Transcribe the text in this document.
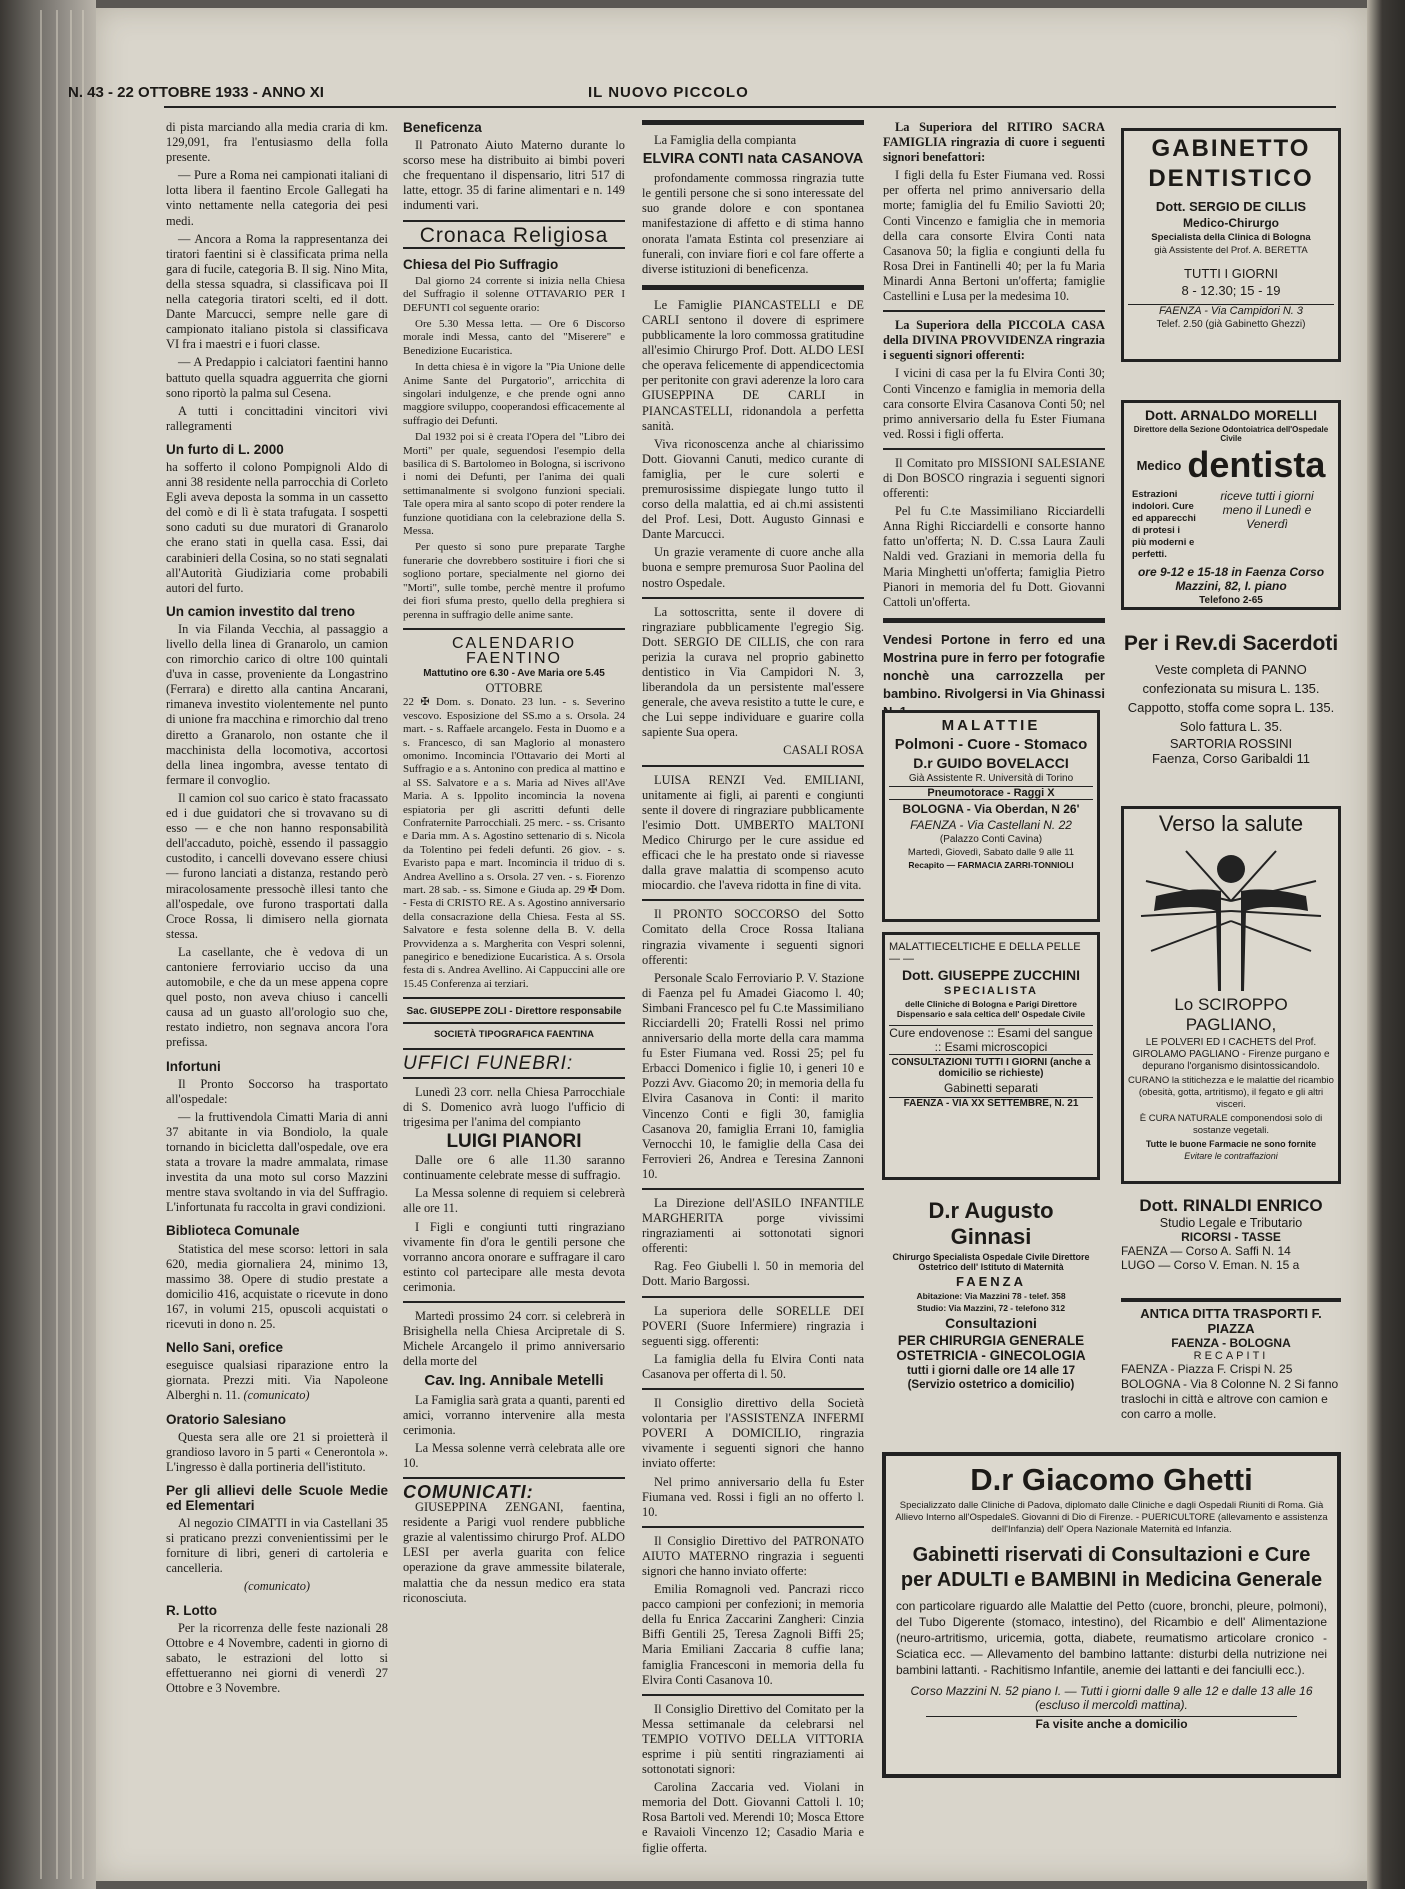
N. 43 - 22 OTTOBRE 1933 - ANNO XI	IL NUOVO PICCOLO

di pista marciando alla media craria di km. 129,091, fra l'entusiasmo della folla presente.

— Pure a Roma nei campionati italiani di lotta libera il faentino Ercole Gallegati ha vinto nettamente nella categoria dei pesi medi.

— Ancora a Roma la rappresentanza dei tiratori faentini si è classificata prima nella gara di fucile, categoria B. Il sig. Nino Mita, della stessa squadra, si classificava poi II nella categoria tiratori scelti, ed il dott. Dante Marcucci, sempre nelle gare di campionato italiano pistola si classificava VI fra i maestri e i fuori classe.

— A Predappio i calciatori faentini hanno battuto quella squadra agguerrita che giorni sono riportò la palma sul Cesena.

A tutti i concittadini vincitori vivi rallegramenti

Un furto di L. 2000

ha sofferto il colono Pompignoli Aldo di anni 38 residente nella parrocchia di Corleto Egli aveva deposta la somma in un cassetto del comò e di lì è stata trafugata. I sospetti sono caduti su due muratori di Granarolo che erano stati in quella casa. Essi, dai carabinieri della Cosina, so no stati segnalati all'Autorità Giudiziaria come probabili autori del furto.

Un camion investito dal treno

In via Filanda Vecchia, al passaggio a livello della linea di Granarolo, un camion con rimorchio carico di oltre 100 quintali d'uva in casse, proveniente da Longastrino (Ferrara) e diretto alla cantina Ancarani, rimaneva investito violentemente nel punto di unione fra macchina e rimorchio dal treno diretto a Granarolo, non ostante che il macchinista della locomotiva, accortosi della linea ingombra, avesse tentato di fermare il convoglio.

Il camion col suo carico è stato fracassato ed i due guidatori che si trovavano su di esso — e che non hanno responsabilità dell'accaduto, poichè, essendo il passaggio custodito, i cancelli dovevano essere chiusi — furono lanciati a distanza, restando però miracolosamente pressochè illesi tanto che all'ospedale, ove furono trasportati dalla Croce Rossa, li dimisero nella giornata stessa.

La casellante, che è vedova di un cantoniere ferroviario ucciso da una automobile, e che da un mese appena copre quel posto, non aveva chiuso i cancelli causa ad un guasto all'orologio suo che, restato indietro, non segnava ancora l'ora prefissa.

Infortuni

Il Pronto Soccorso ha trasportato all'ospedale:

— la fruttivendola Cimatti Maria di anni 37 abitante in via Bondiolo, la quale tornando in bicicletta dall'ospedale, ove era stata a trovare la madre ammalata, rimase investita da una moto sul corso Mazzini mentre stava svoltando in via del Suffragio. L'infortunata fu raccolta in gravi condizioni.

Biblioteca Comunale

Statistica del mese scorso: lettori in sala 620, media giornaliera 24, minimo 13, massimo 38. Opere di studio prestate a domicilio 416, acquistate o ricevute in dono 167, in volumi 215, opuscoli acquistati o ricevuti in dono n. 25.

Nello Sani, orefice

eseguisce qualsiasi riparazione entro la giornata. Prezzi miti. Via Napoleone Alberghi n. 11. (comunicato)

Oratorio Salesiano

Questa sera alle ore 21 si proietterà il grandioso lavoro in 5 parti « Cenerontola ». L'ingresso è dalla portineria dell'istituto.

Per gli allievi delle Scuole Medie ed Elementari

Al negozio CIMATTI in via Castellani 35 si praticano prezzi convenientissimi per le forniture di libri, generi di cartoleria e cancelleria.

(comunicato)

R. Lotto

Per la ricorrenza delle feste nazionali 28 Ottobre e 4 Novembre, cadenti in giorno di sabato, le estrazioni del lotto si effettueranno nei giorni di venerdì 27 Ottobre e 3 Novembre.

Beneficenza

Il Patronato Aiuto Materno durante lo scorso mese ha distribuito ai bimbi poveri che frequentano il dispensario, litri 517 di latte, ettogr. 35 di farine alimentari e n. 149 indumenti vari.

Cronaca Religiosa
Chiesa del Pio Suffragio

Dal giorno 24 corrente si inizia nella Chiesa del Suffragio il solenne OTTAVARIO PER I DEFUNTI col seguente orario:

Ore 5.30 Messa letta. — Ore 6 Discorso morale indi Messa, canto del "Miserere" e Benedizione Eucaristica.

In detta chiesa è in vigore la "Pia Unione delle Anime Sante del Purgatorio", arricchita di singolari indulgenze, e che prende ogni anno maggiore sviluppo, cooperandosi efficacemente al suffragio dei Defunti.

Dal 1932 poi si è creata l'Opera del "Libro dei Morti" per quale, seguendosi l'esempio della basilica di S. Bartolomeo in Bologna, si iscrivono i nomi dei Defunti, per l'anima dei quali settimanalmente si svolgono funzioni speciali. Tale opera mira al santo scopo di poter rendere la funzione quotidiana con la celebrazione della S. Messa.

Per questo si sono pure preparate Targhe funerarie che dovrebbero sostituire i fiori che si sogliono portare, specialmente nel giorno dei "Morti", sulle tombe, perchè mentre il profumo dei fiori sfuma presto, quello della preghiera si perenna in suffragio delle anime sante.

CALENDARIO FAENTINO
Mattutino ore 6.30 - Ave Maria ore 5.45
OTTOBRE

22 ✠ Dom. s. Donato. 23 lun. - s. Severino vescovo. Esposizione del SS.mo a s. Orsola. 24 mart. - s. Raffaele arcangelo. Festa in Duomo e a s. Francesco, di san Magloriо al monastero omonimo. Incomincia l'Ottavario dei Morti al Suffragio e a s. Antonino con predica al mattino e al SS. Salvatore e a s. Maria ad Nives all'Ave Maria. A s. Ippolito incomincia la novena espiatoria per gli ascritti defunti delle Confraternite Parrocchiali. 25 merc. - ss. Crisanto e Daria mm. A s. Agostino settenario di s. Nicola da Tolentino pei fedeli defunti. 26 giov. - s. Evaristo papa e mart. Incomincia il triduo di s. Andrea Avellino a s. Orsola. 27 ven. - s. Fiorenzo mart. 28 sab. - ss. Simone e Giuda ap. 29 ✠ Dom. - Festa di CRISTO RE. A s. Agostino anniversario della consacrazione della Chiesa. Festa al SS. Salvatore e festa solenne della B. V. della Provvidenza a s. Margherita con Vespri solenni, panegirico e benedizione Eucaristica. A s. Orsola festa di s. Andrea Avellino. Ai Cappuccini alle ore 15.45 Conferenza ai terziari.

Sac. GIUSEPPE ZOLI - Direttore responsabile
SOCIETÀ TIPOGRAFICA FAENTINA
UFFICI FUNEBRI:

Lunedì 23 corr. nella Chiesa Parrocchiale di S. Domenico avrà luogo l'ufficio di trigesima per l'anima del compianto

LUIGI PIANORI

Dalle ore 6 alle 11.30 saranno continuamente celebrate messe di suffragio.

La Messa solenne di requiem si celebrerà alle ore 11.

I Figli e congiunti tutti ringraziano vivamente fin d'ora le gentili persone che vorranno ancora onorare e suffragare il caro estinto col partecipare alle mesta devota cerimonia.

Martedì prossimo 24 corr. si celebrerà in Brisighella nella Chiesa Arcipretale di S. Michele Arcangelo il primo anniversario della morte del

Cav. Ing. Annibale Metelli

La Famiglia sarà grata a quanti, parenti ed amici, vorranno intervenire alla mesta cerimonia.

La Messa solenne verrà celebrata alle ore 10.

COMUNICATI:

GIUSEPPINA ZENGANI, faentina, residente a Parigi vuol rendere pubbliche grazie al valentissimo chirurgo Prof. ALDO LESI per averla guarita con felice operazione da grave ammessite bilaterale, malattia che da nessun medico era stata riconosciuta.

La Famiglia della compianta

ELVIRA CONTI nata CASANOVA

profondamente commossa ringrazia tutte le gentili persone che si sono interessate del suo grande dolore e con spontanea manifestazione di affetto e di stima hanno onorata l'amata Estinta col presenziare ai funerali, con inviare fiori e col fare offerte a diverse istituzioni di beneficenza.

Le Famiglie PIANCASTELLI e DE CARLI sentono il dovere di esprimere pubblicamente la loro commossa gratitudine all'esimio Chirurgo Prof. Dott. ALDO LESI che operava felicemente di appendicectomia per peritonite con gravi aderenze la loro cara GIUSEPPINA DE CARLI in PIANCASTELLI, ridonandola a perfetta sanità.

Viva riconoscenza anche al chiarissimo Dott. Giovanni Canuti, medico curante di famiglia, per le cure solerti e premurosissime dispiegate lungo tutto il corso della malattia, ed ai ch.mi assistenti del Prof. Lesi, Dott. Augusto Ginnasi e Dante Marcucci.

Un grazie veramente di cuore anche alla buona e sempre premurosa Suor Paolina del nostro Ospedale.

La sottoscritta, sente il dovere di ringraziare pubblicamente l'egregio Sig. Dott. SERGIO DE CILLIS, che con rara perizia la curava nel proprio gabinetto dentistico in Via Campidori N. 3, liberandola da un persistente mal'essere generale, che aveva resistito a tutte le cure, e che Lui seppe individuare e guarire colla sapiente Sua opera.

CASALI ROSA

LUISA RENZI Ved. EMILIANI, unitamente ai figli, ai parenti e congiunti sente il dovere di ringraziare pubblicamente l'esimio Dott. UMBERTO MALTONI Medico Chirurgo per le cure assidue ed efficaci che le ha prestato onde si riavesse dalla grave malattia di scompenso acuto miocardio. che l'aveva ridotta in fine di vita.

Il PRONTO SOCCORSO del Sotto Comitato della Croce Rossa Italiana ringrazia vivamente i seguenti signori offerenti:

Personale Scalo Ferroviario P. V. Stazione di Faenza pel fu Amadei Giacomo l. 40; Simbani Francesco pel fu C.te Massimiliano Ricciardelli 20; Fratelli Rossi nel primo anniversario della morte della cara mamma fu Ester Fiumana ved. Rossi 25; pel fu Erbacci Domenico i figlie 10, i generi 10 e Pozzi Avv. Giacomo 20; in memoria della fu Elvira Casanova in Conti: il marito Vincenzo Conti e figli 30, famiglia Casanova 20, famiglia Errani 10, famiglia Vernocchi 10, le famiglie della Casa dei Ferrovieri 26, Andrea e Teresina Zannoni 10.

La Direzione dell'ASILO INFANTILE MARGHERITA porge vivissimi ringraziamenti ai sottonotati signori offerenti:

Rag. Feo Giubelli l. 50 in memoria del Dott. Mario Bargossi.

La superiora delle SORELLE DEI POVERI (Suore Infermiere) ringrazia i seguenti sigg. offerenti:

La famiglia della fu Elvira Conti nata Casanova per offerta di l. 50.

Il Consiglio direttivo della Società volontaria per l'ASSISTENZA INFERMI POVERI A DOMICILIO, ringrazia vivamente i seguenti signori che hanno inviato offerte:

Nel primo anniversario della fu Ester Fiumana ved. Rossi i figli an no offerto l. 10.

Il Consiglio Direttivo del PATRONATO AIUTO MATERNO ringrazia i seguenti signori che hanno inviato offerte:

Emilia Romagnoli ved. Pancrazi ricco pacco campioni per confezioni; in memoria della fu Enrica Zaccarini Zangheri: Cinzia Biffi Gentili 25, Teresa Zagnoli Biffi 25; Maria Emiliani Zaccaria 8 cuffie lana; famiglia Francesconi in memoria della fu Elvira Conti Casanova 10.

Il Consiglio Direttivo del Comitato per la Messa settimanale da celebrarsi nel TEMPIO VOTIVO DELLA VITTORIA esprime i più sentiti ringraziamenti ai sottonotati signori:

Carolina Zaccaria ved. Violani in memoria del Dott. Giovanni Cattoli l. 10; Rosa Bartoli ved. Merendi 10; Mosca Ettore e Ravaioli Vincenzo 12; Casadio Maria e figlie offerta.

La Superiora del RITIRO SACRA FAMIGLIA ringrazia di cuore i seguenti signori benefattori:

I figli della fu Ester Fiumana ved. Rossi per offerta nel primo anniversario della morte; famiglia del fu Emilio Saviotti 20; Conti Vincenzo e famiglia che in memoria della cara consorte Elvira Conti nata Casanova 50; la figlia e congiunti della fu Rosa Drei in Fantinelli 40; per la fu Maria Minardi Anna Bertoni un'offerta; famiglie Castellini e Lusa per la medesima 10.

La Superiora della PICCOLA CASA della DIVINA PROVVIDENZA ringrazia i seguenti signori offerenti:

I vicini di casa per la fu Elvira Conti 30; Conti Vincenzo e famiglia in memoria della cara consorte Elvira Casanova Conti 50; nel primo anniversario della fu Ester Fiumana ved. Rossi i figli offerta.

Il Comitato pro MISSIONI SALESIANE di Don BOSCO ringrazia i seguenti signori offerenti:

Pel fu C.te Massimiliano Ricciardelli Anna Righi Ricciardelli e consorte hanno fatto un'offerta; N. D. C.ssa Laura Zauli Naldi ved. Graziani in memoria della fu Maria Minghetti un'offerta; famiglia Pietro Pianori in memoria del fu Dott. Giovanni Cattoli un'offerta.

Vendesi Portone in ferro ed una Mostrina pure in ferro per fotografie nonchè una carrozzella per bambino. Rivolgersi in Via Ghinassi

MALATTIE
Polmoni - Cuore - Stomaco
D.r GUIDO BOVELACCI
Già Assistente R. Università di Torino
Pneumotorace - Raggi X
BOLOGNA - Via Oberdan, N 26'
FAENZA - Via Castellani N. 22
(Palazzo Conti Cavina)
Martedì, Giovedì, Sabato dalle 9 alle 11
Recapito — FARMACIA ZARRI-TONNIOLI
MALATTIECELTICHE E DELLA PELLE — —
Dott. GIUSEPPE ZUCCHINI
SPECIALISTA
delle Cliniche di Bologna e Parigi Direttore Dispensario e sala celtica dell' Ospedale Civile
Cure endovenose :: Esami del sangue :: Esami microscopici
CONSULTAZIONI TUTTI I GIORNI (anche a domicilio se richieste)
Gabinetti separati
FAENZA - VIA XX SETTEMBRE, N. 21
D.r Augusto Ginnasi
Chirurgo Specialista Ospedale Civile Direttore Ostetrico dell' Istituto di Maternità
FAENZA
Abitazione: Via Mazzini 78 - telef. 358
Studio: Via Mazzini, 72 - telefono 312
Consultazioni
PER CHIRURGIA GENERALE OSTETRICIA - GINECOLOGIA
tutti i giorni dalle ore 14 alle 17
(Servizio ostetrico a domicilio)
GABINETTO
DENTISTICO
Dott. SERGIO DE CILLIS
Medico-Chirurgo
Specialista della Clinica di Bologna
già Assistente del Prof. A. BERETTA
TUTTI I GIORNI
8 - 12.30; 15 - 19
FAENZA - Via Campidori N. 3
Telef. 2.50 (già Gabinetto Ghezzi)
Dott. ARNALDO MORELLI
Direttore della Sezione Odontoiatrica dell'Ospedale Civile
Medico dentista
Estrazioni indolori. Cure ed apparecchi di protesi i più moderni e perfetti.
riceve tutti i giorni meno il Lunedì e Venerdì
ore 9-12 e 15-18 in Faenza Corso Mazzini, 82, I. piano
Telefono 2-65
Per i Rev.di Sacerdoti
Veste completa di PANNO confezionata su misura L. 135. Cappotto, stoffa come sopra L. 135. Solo fattura L. 35.
SARTORIA ROSSINI
Faenza, Corso Garibaldi 11
Verso la salute
Lo SCIROPPO PAGLIANO,
LE POLVERI ED I CACHETS del Prof. GIROLAMO PAGLIANO - Firenze purgano e depurano l'organismo disintossicandolo.
CURANO la stitichezza e le malattie del ricambio (obesità, gotta, artritismo), il fegato e gli altri visceri.
È CURA NATURALE componendosi solo di sostanze vegetali.
Tutte le buone Farmacie ne sono fornite
Evitare le contraffazioni
Dott. RINALDI ENRICO
Studio Legale e Tributario
RICORSI - TASSE
FAENZA — Corso A. Saffi N. 14
LUGO — Corso V. Eman. N. 15 a
ANTICA DITTA TRASPORTI F. PIAZZA
FAENZA - BOLOGNA
RECAPITI
FAENZA - Piazza F. Crispi N. 25 BOLOGNA - Via 8 Colonne N. 2 Si fanno traslochi in città e altrove con camion e con carro a molle.
D.r Giacomo Ghetti
Specializzato dalle Cliniche di Padova, diplomato dalle Cliniche e dagli Ospedali Riuniti di Roma. Già Allievo Interno all'OspedaleS. Giovanni di Dio di Firenze. - PUERICULTORE (allevamento e assistenza dell'Infanzia) dell' Opera Nazionale Maternità ed Infanzia.
Gabinetti riservati di Consultazioni e Cure
per ADULTI e BAMBINI in Medicina Generale
con particolare riguardo alle Malattie del Petto (cuore, bronchi, pleure, polmoni), del Tubo Digerente (stomaco, intestino), del Ricambio e dell' Alimentazione (neuro-artritismo, uricemia, gotta, diabete, reumatismo articolare cronico - Sciatica ecc. — Allevamento del bambino lattante: disturbi della nutrizione nei bambini lattanti. - Rachitismo Infantile, anemie dei lattanti e dei fanciulli ecc.).
Corso Mazzini N. 52 piano I. — Tutti i giorni dalle 9 alle 12 e dalle 13 alle 16 (escluso il mercoldì mattina).
Fa visite anche a domicilio
